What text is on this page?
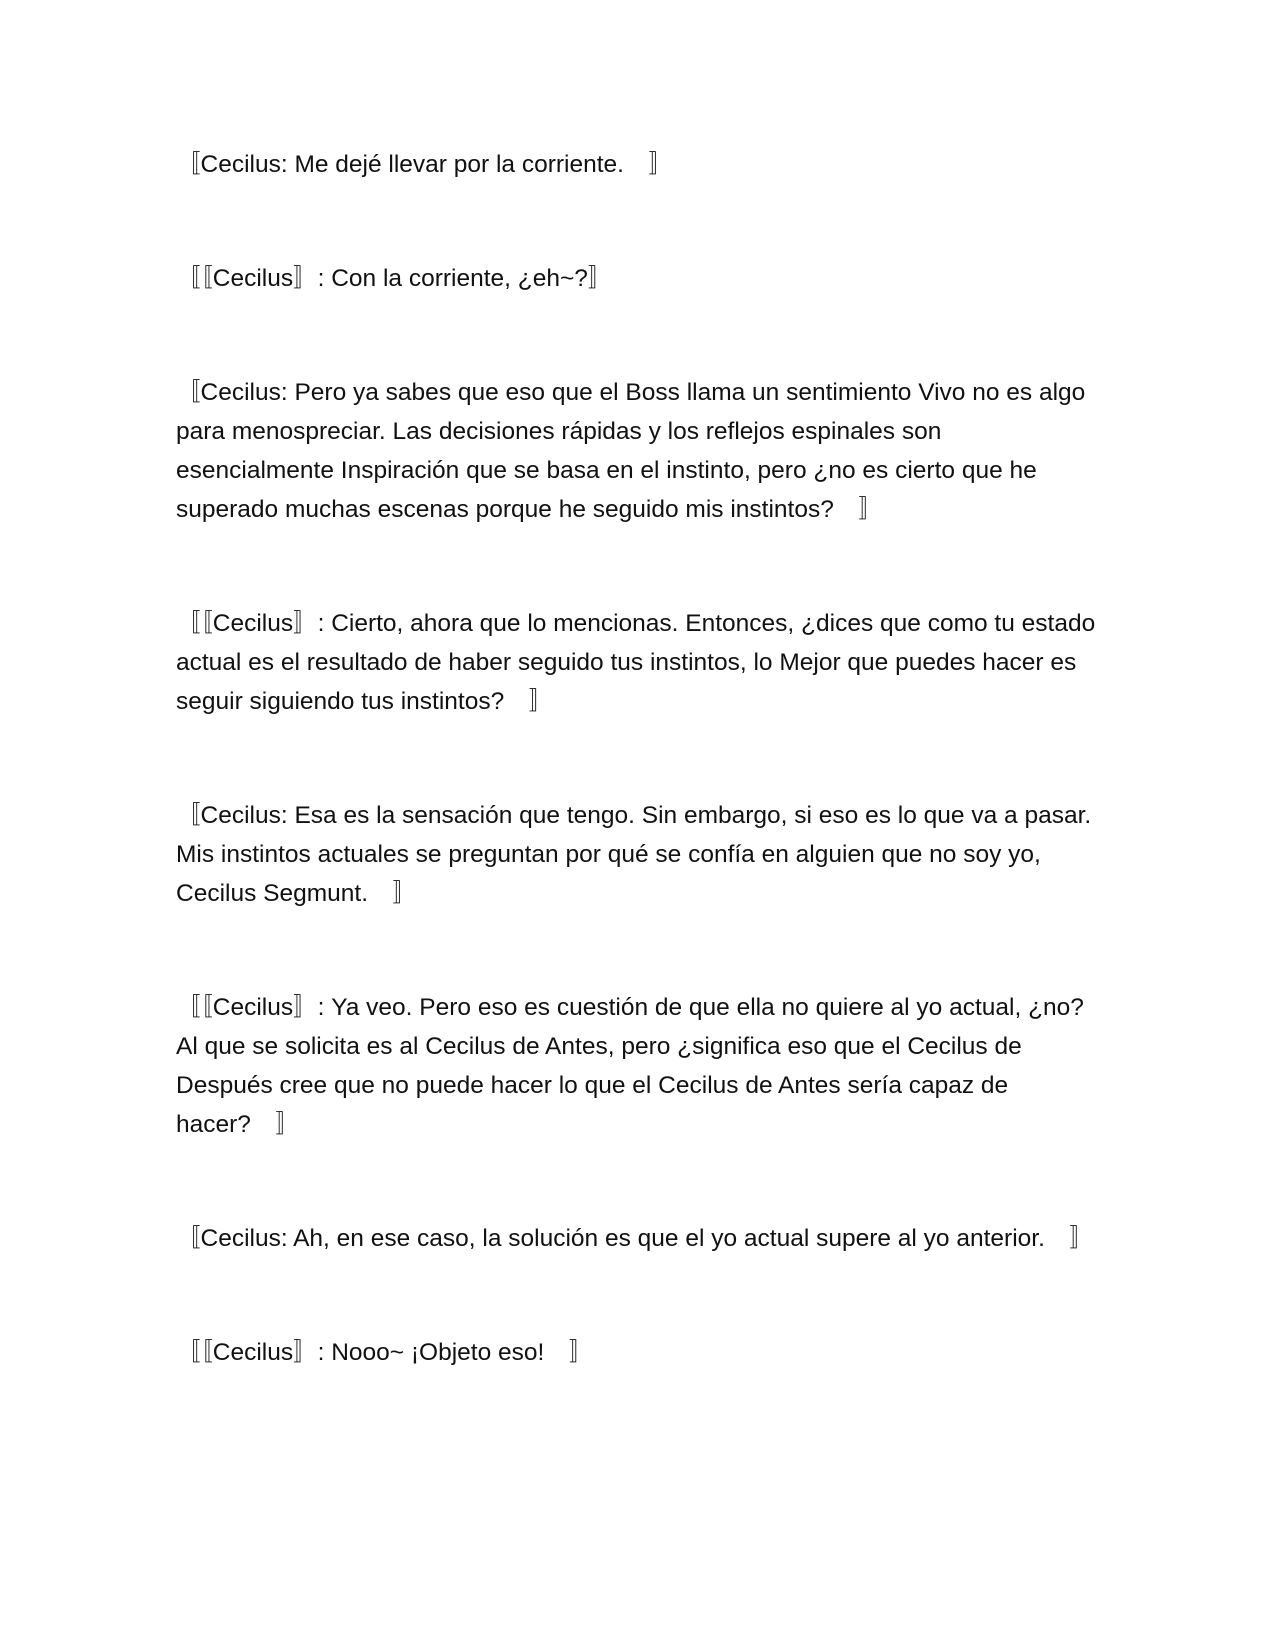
〚Cecilus: Me dejé llevar por la corriente.　〛

〚〚Cecilus〛: Con la corriente, ¿eh~?〛

〚Cecilus: Pero ya sabes que eso que el Boss llama un sentimiento Vivo no es algo para menospreciar. Las decisiones rápidas y los reflejos espinales son esencialmente Inspiración que se basa en el instinto, pero ¿no es cierto que he superado muchas escenas porque he seguido mis instintos?　〛

〚〚Cecilus〛: Cierto, ahora que lo mencionas. Entonces, ¿dices que como tu estado actual es el resultado de haber seguido tus instintos, lo Mejor que puedes hacer es seguir siguiendo tus instintos?　〛

〚Cecilus: Esa es la sensación que tengo. Sin embargo, si eso es lo que va a pasar. Mis instintos actuales se preguntan por qué se confía en alguien que no soy yo, Cecilus Segmunt.　〛

〚〚Cecilus〛: Ya veo. Pero eso es cuestión de que ella no quiere al yo actual, ¿no? Al que se solicita es al Cecilus de Antes, pero ¿significa eso que el Cecilus de Después cree que no puede hacer lo que el Cecilus de Antes sería capaz de hacer?　〛

〚Cecilus: Ah, en ese caso, la solución es que el yo actual supere al yo anterior.　〛

〚〚Cecilus〛: Nooo~ ¡Objeto eso!　〛
